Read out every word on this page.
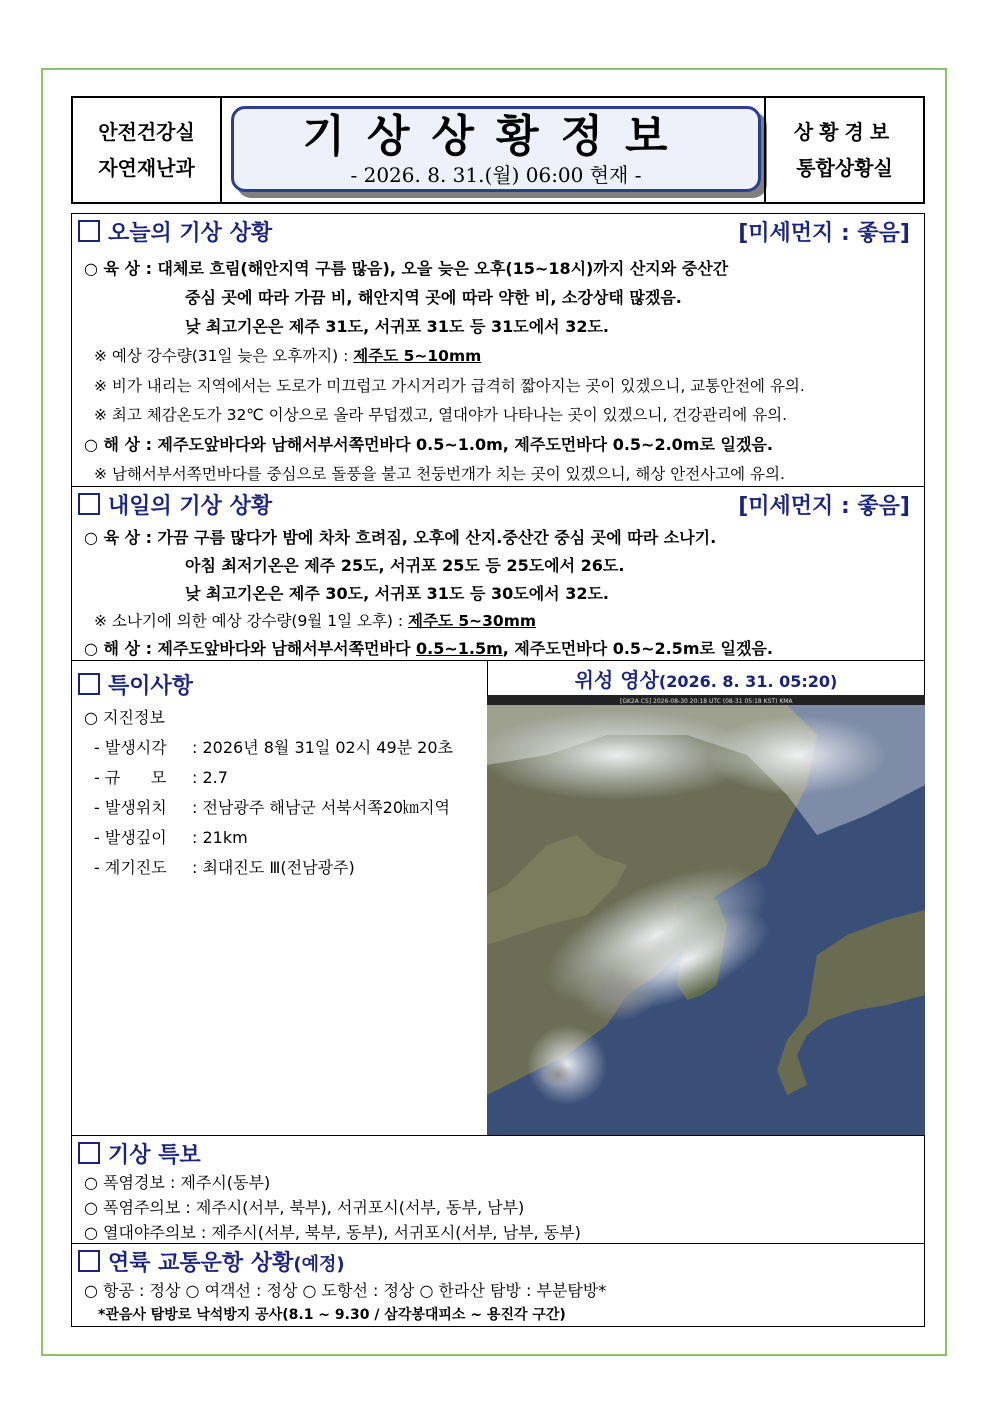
안전건강실
자연재난과
기상상황정보
- 2026. 8. 31.(월) 06:00 현재 -
상황경보
통합상황실
오늘의 기상 상황	[미세먼지 : 좋음]
○ 육 상 : 대체로 흐림(해안지역 구름 많음), 오을 늦은 오후(15~18시)까지 산지와 중산간
중심 곳에 따라 가끔 비, 해안지역 곳에 따라 약한 비, 소강상태 많겠음.
낮 최고기온은 제주 31도, 서귀포 31도 등 31도에서 32도.
※ 예상 강수량(31일 늦은 오후까지) : 제주도 5~10mm
※ 비가 내리는 지역에서는 도로가 미끄럽고 가시거리가 급격히 짧아지는 곳이 있겠으니, 교통안전에 유의.
※ 최고 체감온도가 32℃ 이상으로 올라 무덥겠고, 열대야가 나타나는 곳이 있겠으니, 건강관리에 유의.
○ 해 상 : 제주도앞바다와 남해서부서쪽먼바다 0.5~1.0m, 제주도먼바다 0.5~2.0m로 일겠음.
※ 남해서부서쪽먼바다를 중심으로 돌풍을 불고 천둥번개가 치는 곳이 있겠으니, 해상 안전사고에 유의.
내일의 기상 상황	[미세먼지 : 좋음]
○ 육 상 : 가끔 구름 많다가 밤에 차차 흐려짐, 오후에 산지.중산간 중심 곳에 따라 소나기.
아침 최저기온은 제주 25도, 서귀포 25도 등 25도에서 26도.
낮 최고기온은 제주 30도, 서귀포 31도 등 30도에서 32도.
※ 소나기에 의한 예상 강수량(9월 1일 오후) : 제주도 5~30mm
○ 해 상 : 제주도앞바다와 남해서부서쪽먼바다 0.5~1.5m, 제주도먼바다 0.5~2.5m로 일겠음.
특이사항
○ 지진정보
- 발생시각 : 2026년 8월 31일 02시 49분 20초
- 규      모 : 2.7
- 발생위치 : 전남광주 해남군 서북서쪽20㎞지역
- 발생깊이 : 21km
- 계기진도 : 최대진도 Ⅲ(전남광주)
위성 영상(2026. 8. 31. 05:20)
[GK2A CS] 2026-08-30 20:18 UTC (08-31 05:18 KST) KMA
기상 특보
○ 폭염경보 : 제주시(동부)
○ 폭염주의보 : 제주시(서부, 북부), 서귀포시(서부, 동부, 남부)
○ 열대야주의보 : 제주시(서부, 북부, 동부), 서귀포시(서부, 남부, 동부)
연륙 교통운항 상황(예정)
○ 항공 : 정상 ○ 여객선 : 정상 ○ 도항선 : 정상 ○ 한라산 탐방 : 부분탐방*
*관음사 탐방로 낙석방지 공사(8.1 ~ 9.30 / 삼각봉대피소 ~ 용진각 구간)
